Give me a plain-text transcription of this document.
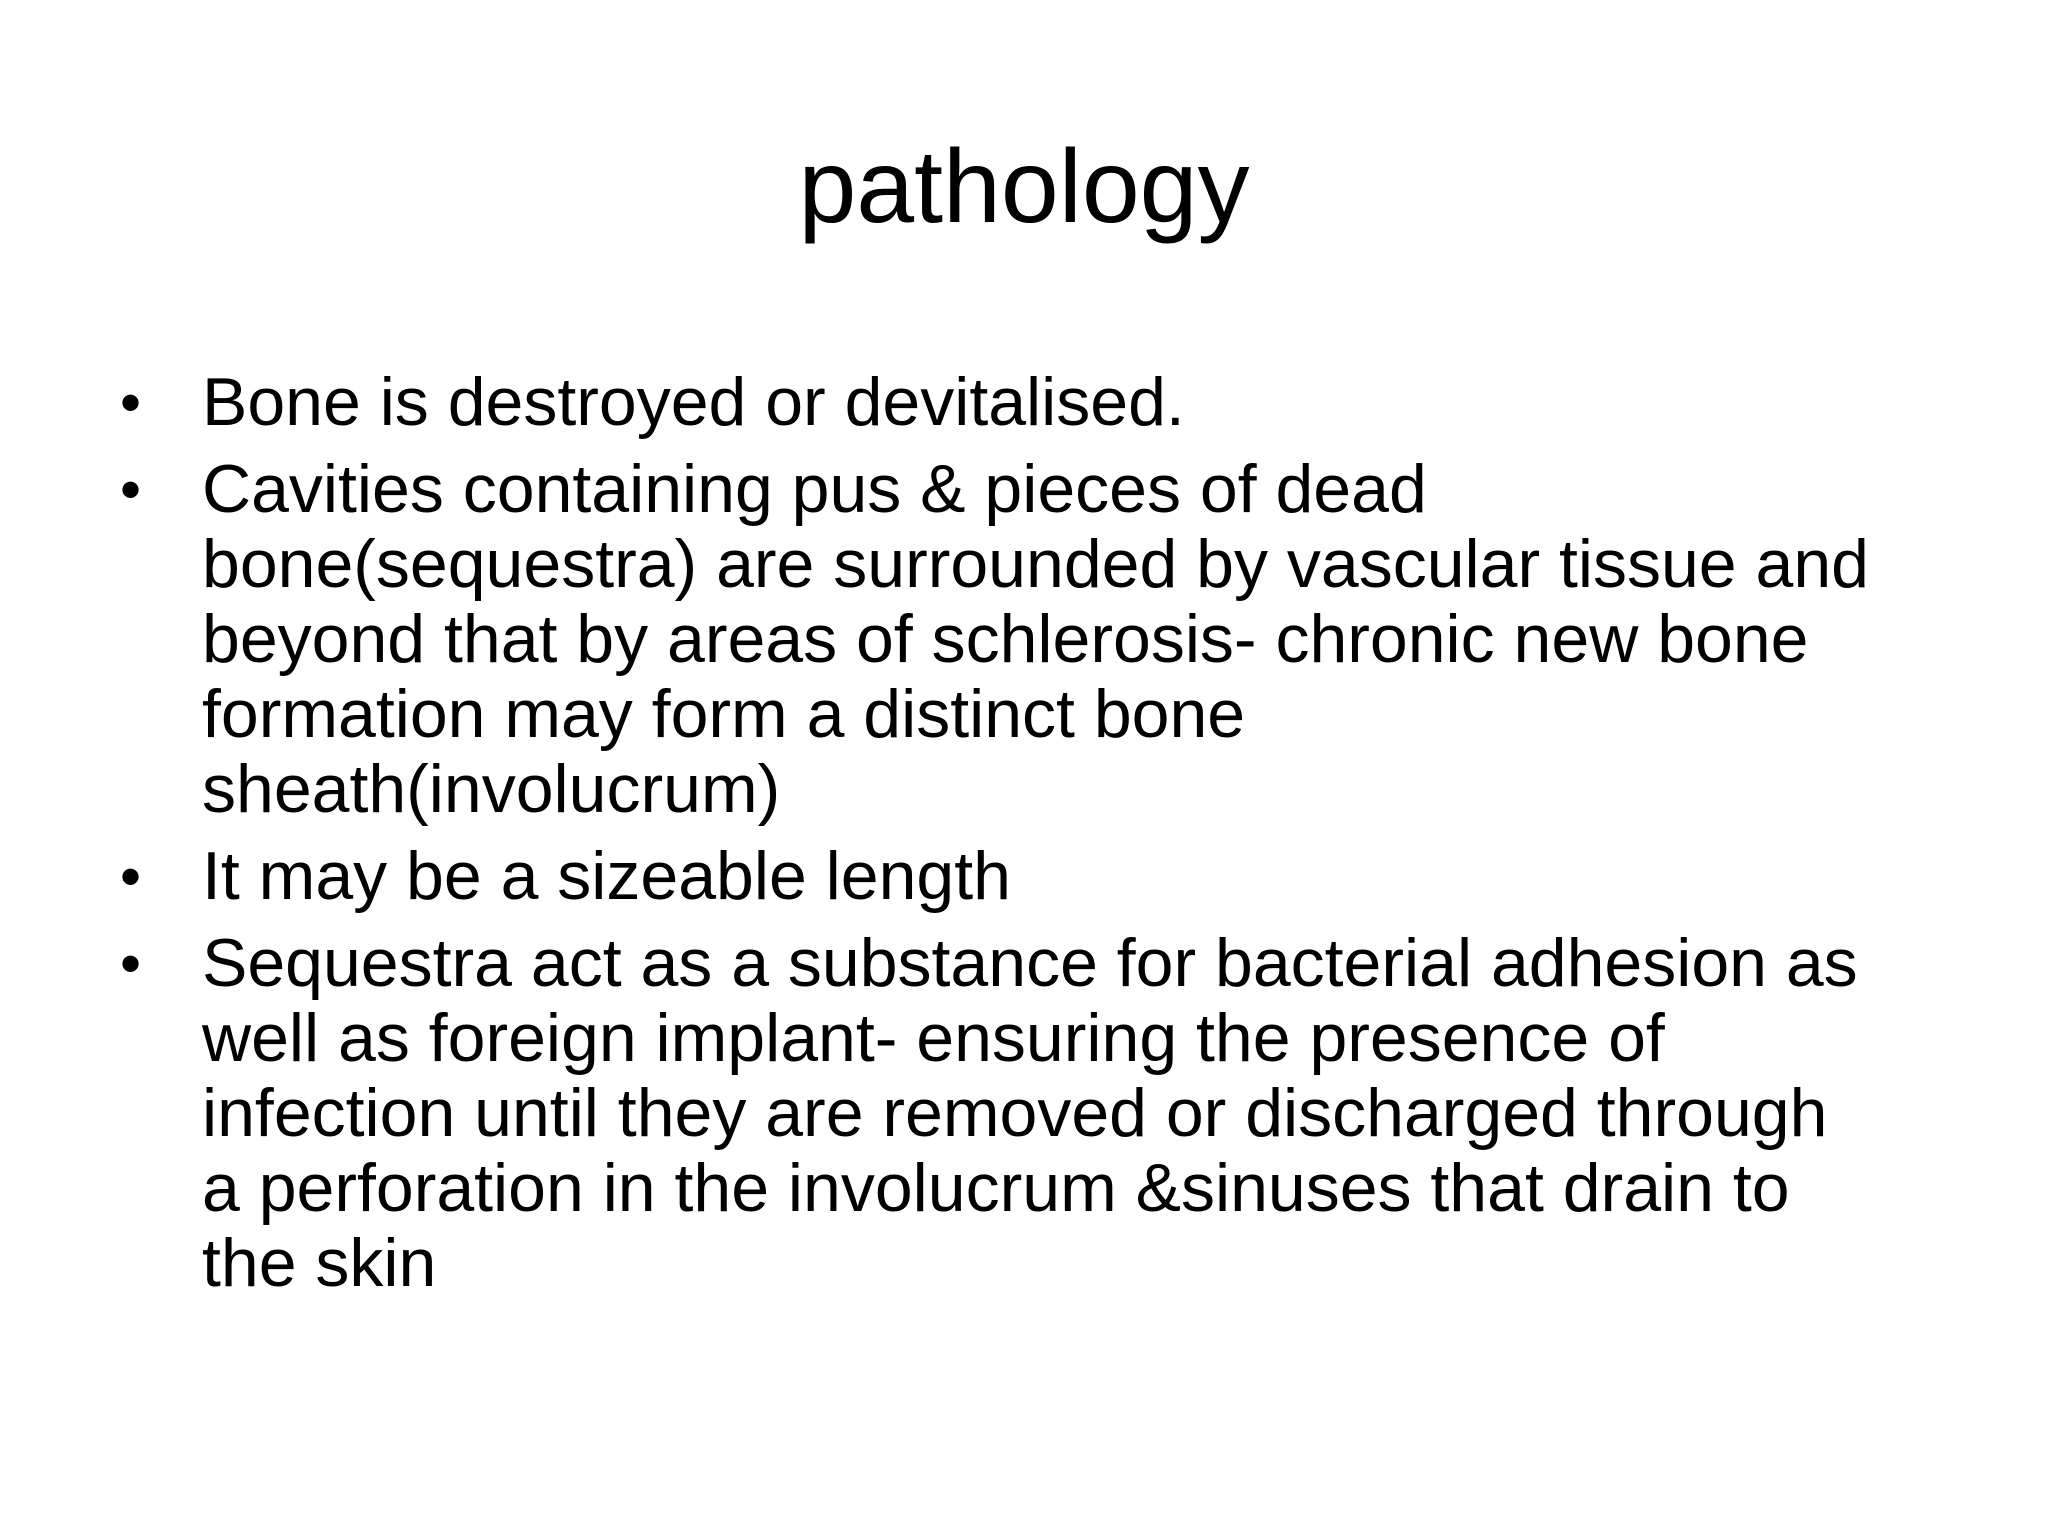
pathology
• Bone is destroyed or devitalised.
• Cavities containing pus & pieces of dead
bone(sequestra) are surrounded by vascular tissue and
beyond that by areas of schlerosis- chronic new bone
formation may form a distinct bone
sheath(involucrum)
• It may be a sizeable length
• Sequestra act as a substance for bacterial adhesion as
well as foreign implant- ensuring the presence of
infection until they are removed or discharged through
a perforation in the involucrum &sinuses that drain to
the skin
